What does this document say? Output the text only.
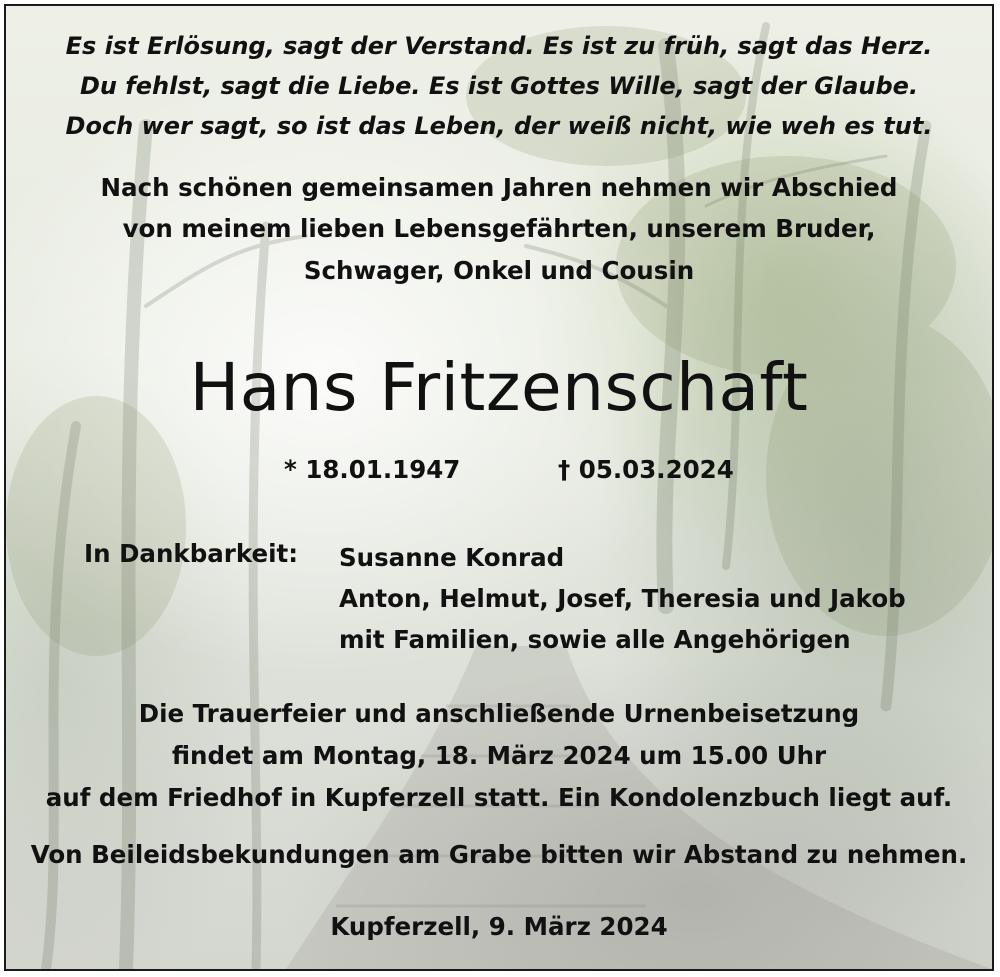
Es ist Erlösung, sagt der Verstand. Es ist zu früh, sagt das Herz.
Du fehlst, sagt die Liebe. Es ist Gottes Wille, sagt der Glaube.
Doch wer sagt, so ist das Leben, der weiß nicht, wie weh es tut.
Nach schönen gemeinsamen Jahren nehmen wir Abschied
von meinem lieben Lebensgefährten, unserem Bruder,
Schwager, Onkel und Cousin
Hans Fritzenschaft
* 18.01.1947	† 05.03.2024
In Dankbarkeit: Susanne Konrad
Anton, Helmut, Josef, Theresia und Jakob
mit Familien, sowie alle Angehörigen
Die Trauerfeier und anschließende Urnenbeisetzung
findet am Montag, 18. März 2024 um 15.00 Uhr
auf dem Friedhof in Kupferzell statt. Ein Kondolenzbuch liegt auf.
Von Beileidsbekundungen am Grabe bitten wir Abstand zu nehmen.
Kupferzell, 9. März 2024
